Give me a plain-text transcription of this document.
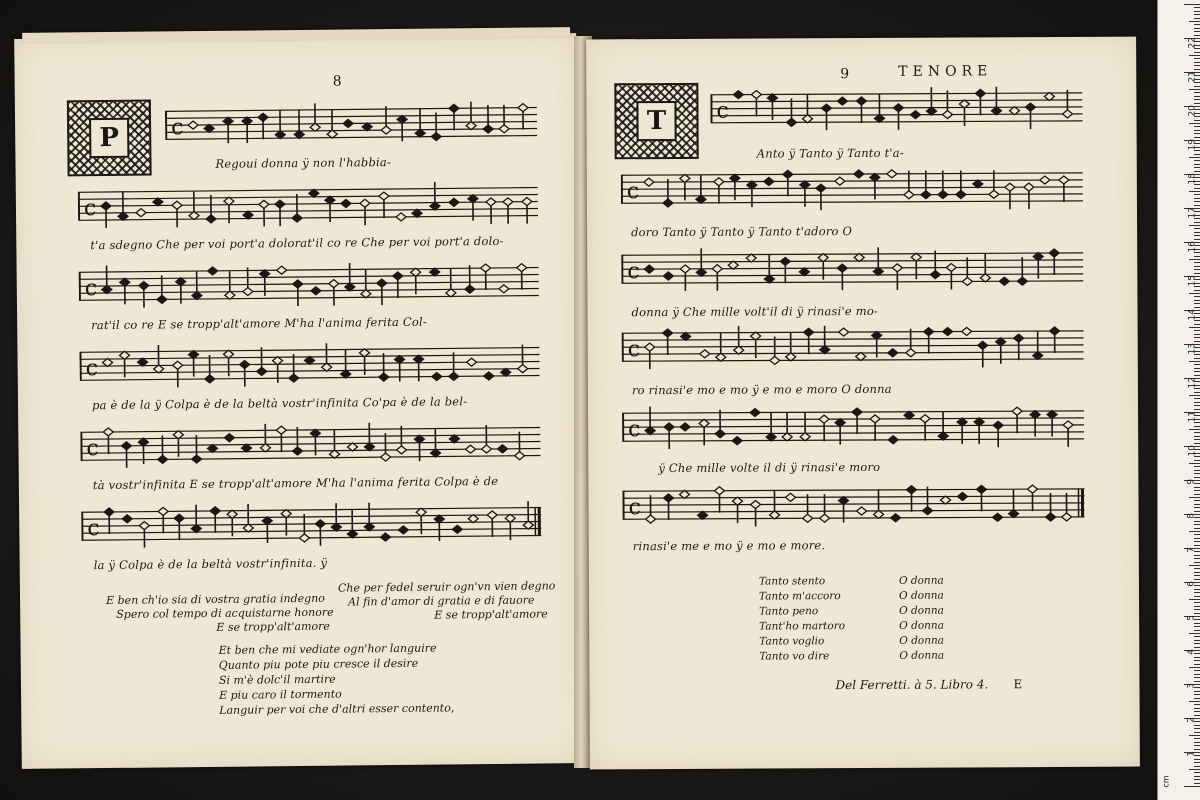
8
P	c
Regoui donna ÿ non l'habbia-
c
t'a sdegno Che per voi port'a dolorat'il co re Che per voi port'a dolo-
c
rat'il co re E se tropp'alt'amore M'ha l'anima ferita Col-
c
pa è de la ÿ Colpa è de la beltà vostr'infinita Co'pa è de la bel-
c
tà vostr'infinita E se tropp'alt'amore M'ha l'anima ferita Colpa è de
c
la ÿ Colpa è de la beltà vostr'infinita. ÿ
E ben ch'io sia di vostra gratia indegno
Spero col tempo di acquistarne honore
E se tropp'alt'amore
Che per fedel seruir ogn'vn vien degno
Al fin d'amor di gratia e di fauore
E se tropp'alt'amore
Et ben che mi vediate ogn'hor languire
Quanto piu pote piu cresce il desire
Si m'è dolc'il martire
E piu caro il tormento
Languir per voi che d'altri esser contento,
9	TENORE
T	c
Anto ÿ Tanto ÿ Tanto t'a-
c
doro Tanto ÿ Tanto ÿ Tanto t'adoro O
c
donna ÿ Che mille volt'il di ÿ rinasi'e mo-
c
ro rinasi'e mo e mo ÿ e mo e moro O donna
c
ÿ Che mille volte il di ÿ rinasi'e moro
c
rinasi'e me e mo ÿ e mo e more.
Tanto stento	O donna
Tanto m'accoro	O donna
Tanto peno	O donna
Tant'ho martoro	O donna
Tanto voglio	O donna
Tanto vo dire	O donna
Del Ferretti. à 5. Libro 4. E
cm
1
2
3
4
5
6
7
8
9
10
11
12
13
14
15
16
17
18
19
20
21
22
